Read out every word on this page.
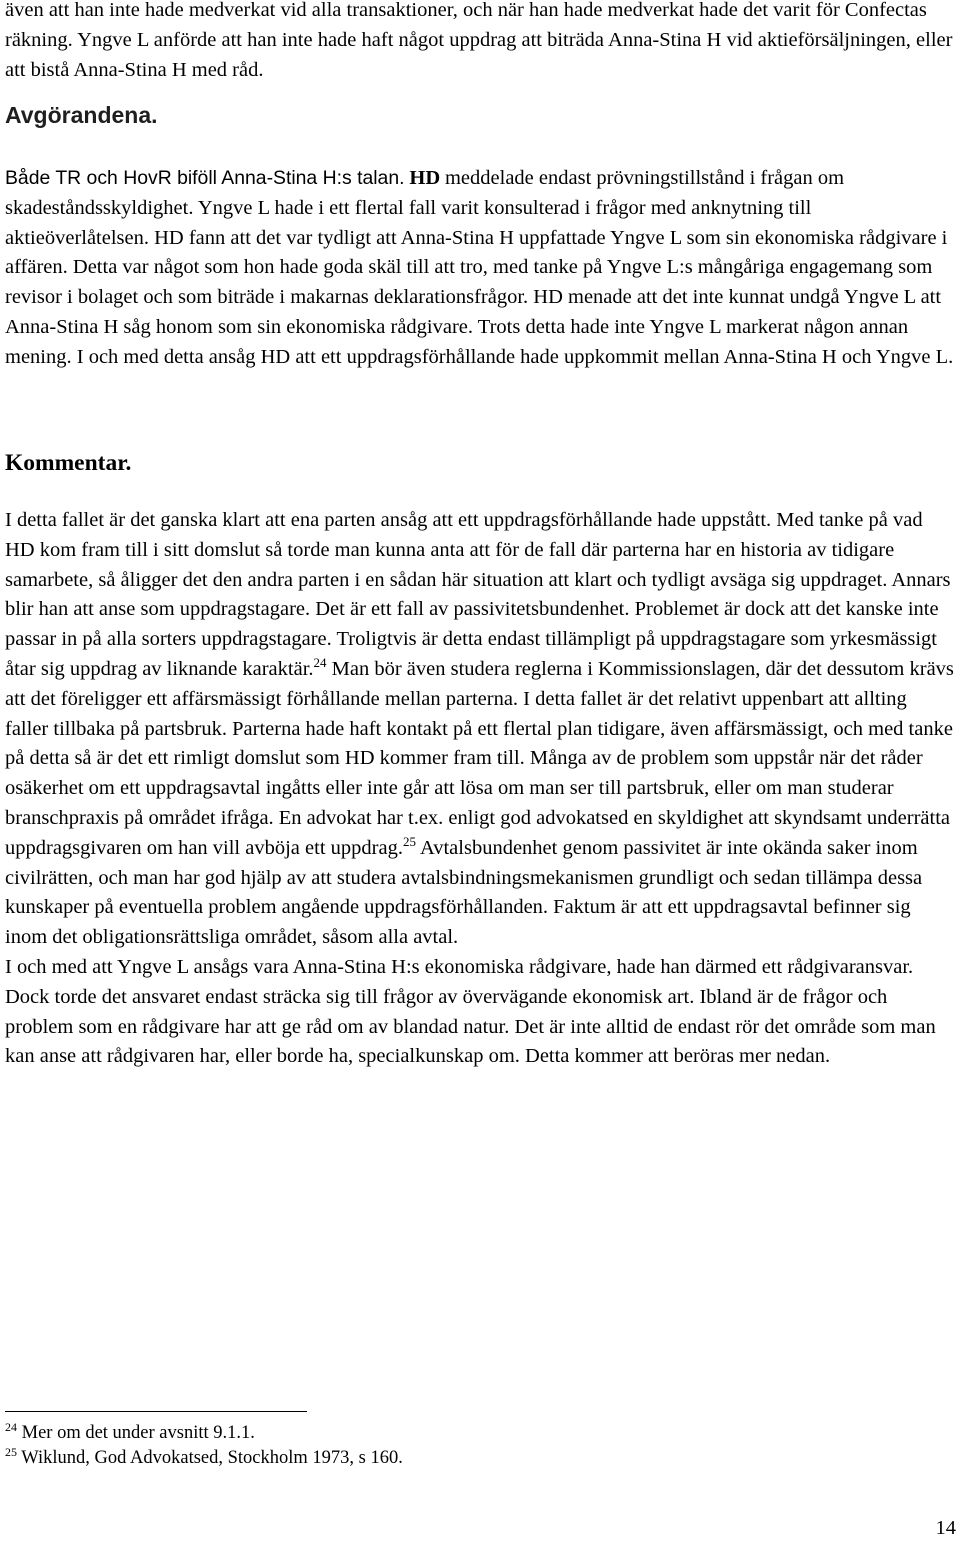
även att han inte hade medverkat vid alla transaktioner, och när han hade medverkat hade det varit för Confectas räkning. Yngve L anförde att han inte hade haft något uppdrag att biträda Anna-Stina H vid aktieförsäljningen, eller att bistå Anna-Stina H med råd.

Avgörandena.

Både TR och HovR biföll Anna-Stina H:s talan. HD meddelade endast prövningstillstånd i frågan om skadeståndsskyldighet. Yngve L hade i ett flertal fall varit konsulterad i frågor med anknytning till aktieöverlåtelsen. HD fann att det var tydligt att Anna-Stina H uppfattade Yngve L som sin ekonomiska rådgivare i affären. Detta var något som hon hade goda skäl till att tro, med tanke på Yngve L:s mångåriga engagemang som revisor i bolaget och som biträde i makarnas deklarationsfrågor. HD menade att det inte kunnat undgå Yngve L att Anna-Stina H såg honom som sin ekonomiska rådgivare. Trots detta hade inte Yngve L markerat någon annan mening. I och med detta ansåg HD att ett uppdragsförhållande hade uppkommit mellan Anna-Stina H och Yngve L.

Kommentar.
I detta fallet är det ganska klart att ena parten ansåg att ett uppdragsförhållande hade uppstått. Med tanke på vad HD kom fram till i sitt domslut så torde man kunna anta att för de fall där parterna har en historia av tidigare samarbete, så åligger det den andra parten i en sådan här situation att klart och tydligt avsäga sig uppdraget. Annars blir han att anse som uppdragstagare. Det är ett fall av passivitetsbundenhet. Problemet är dock att det kanske inte passar in på alla sorters uppdragstagare. Troligtvis är detta endast tillämpligt på uppdragstagare som yrkesmässigt åtar sig uppdrag av liknande karaktär.$^{24}$ Man bör även studera reglerna i Kommissionslagen, där det dessutom krävs att det föreligger ett affärsmässigt förhållande mellan parterna. I detta fallet är det relativt uppenbart att allting faller tillbaka på partsbruk. Parterna hade haft kontakt på ett flertal plan tidigare, även affärsmässigt, och med tanke på detta så är det ett rimligt domslut som HD kommer fram till. Många av de problem som uppstår när det råder osäkerhet om ett uppdragsavtal ingåtts eller inte går att lösa om man ser till partsbruk, eller om man studerar branschpraxis på området ifråga. En advokat har t.ex. enligt god advokatsed en skyldighet att skyndsamt underrätta uppdragsgivaren om han vill avböja ett uppdrag.$^{25}$ Avtalsbundenhet genom passivitet är inte okända saker inom civilrätten, och man har god hjälp av att studera avtalsbindningsmekanismen grundligt och sedan tillämpa dessa kunskaper på eventuella problem angående uppdragsförhållanden. Faktum är att ett uppdragsavtal befinner sig inom det obligationsrättsliga området, såsom alla avtal.
I och med att Yngve L ansågs vara Anna-Stina H:s ekonomiska rådgivare, hade han därmed ett rådgivaransvar. Dock torde det ansvaret endast sträcka sig till frågor av övervägande ekonomisk art. Ibland är de frågor och problem som en rådgivare har att ge råd om av blandad natur. Det är inte alltid de endast rör det område som man kan anse att rådgivaren har, eller borde ha, specialkunskap om. Detta kommer att beröras mer nedan.
$^{24}$ Mer om det under avsnitt 9.1.1.
$^{25}$ Wiklund, God Advokatsed, Stockholm 1973, s 160.
14
